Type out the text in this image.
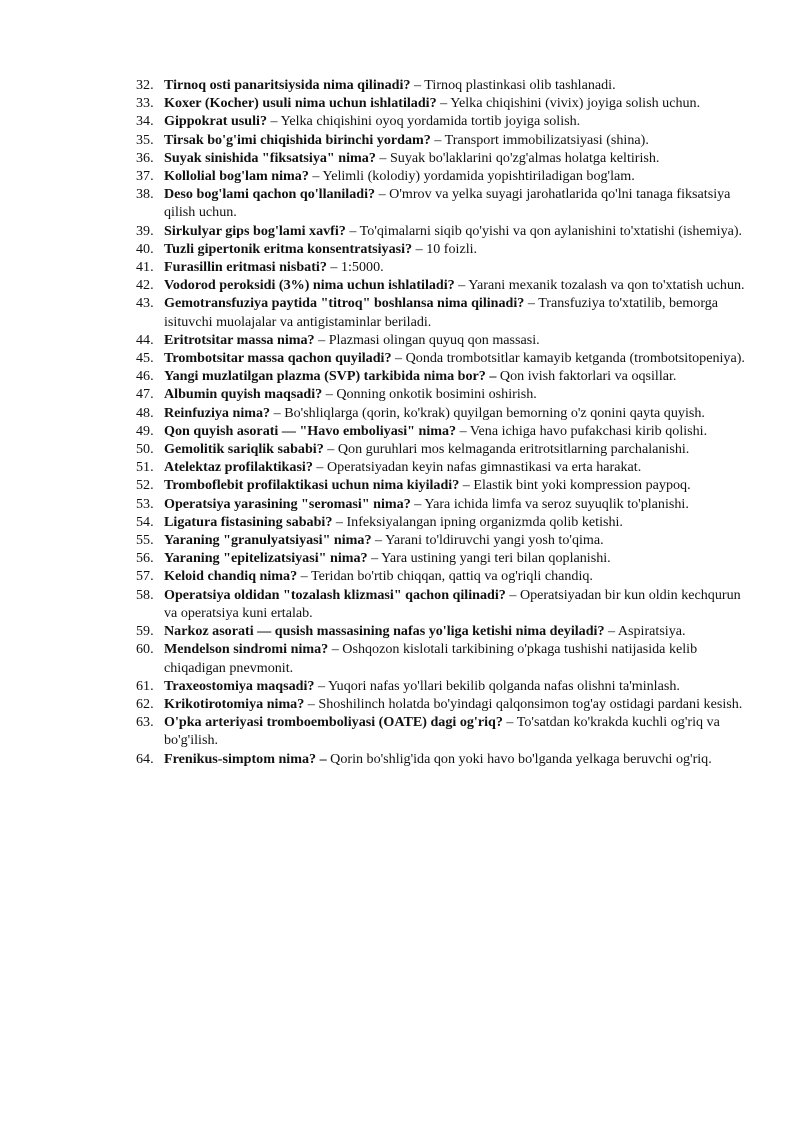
32. Tirnoq osti panaritsiysida nima qilinadi? – Tirnoq plastinkasi olib tashlanadi.
33. Koxer (Kocher) usuli nima uchun ishlatiladi? – Yelka chiqishini (vivix) joyiga solish uchun.
34. Gippokrat usuli? – Yelka chiqishini oyoq yordamida tortib joyiga solish.
35. Tirsak bo'g'imi chiqishida birinchi yordam? – Transport immobilizatsiyasi (shina).
36. Suyak sinishida "fiksatsiya" nima? – Suyak bo'laklarini qo'zg'almas holatga keltirish.
37. Kollolial bog'lam nima? – Yelimli (kolodiy) yordamida yopishtiriladigan bog'lam.
38. Deso bog'lami qachon qo'llaniladi? – O'mrov va yelka suyagi jarohatlarida qo'lni tanaga fiksatsiya qilish uchun.
39. Sirkulyar gips bog'lami xavfi? – To'qimalarni siqib qo'yishi va qon aylanishini to'xtatishi (ishemiya).
40. Tuzli gipertonik eritma konsentratsiyasi? – 10 foizli.
41. Furasillin eritmasi nisbati? – 1:5000.
42. Vodorod peroksidi (3%) nima uchun ishlatiladi? – Yarani mexanik tozalash va qon to'xtatish uchun.
43. Gemotransfuziya paytida "titroq" boshlansa nima qilinadi? – Transfuziya to'xtatilib, bemorga isituvchi muolajalar va antigistaminlar beriladi.
44. Eritrotsitar massa nima? – Plazmasi olingan quyuq qon massasi.
45. Trombotsitar massa qachon quyiladi? – Qonda trombotsitlar kamayib ketganda (trombotsitopeniya).
46. Yangi muzlatilgan plazma (SVP) tarkibida nima bor? – Qon ivish faktorlari va oqsillar.
47. Albumin quyish maqsadi? – Qonning onkotik bosimini oshirish.
48. Reinfuziya nima? – Bo'shliqlarga (qorin, ko'krak) quyilgan bemorning o'z qonini qayta quyish.
49. Qon quyish asorati — "Havo emboliyasi" nima? – Vena ichiga havo pufakchasi kirib qolishi.
50. Gemolitik sariqlik sababi? – Qon guruhlari mos kelmaganda eritrotsitlarning parchalanishi.
51. Atelektaz profilaktikasi? – Operatsiyadan keyin nafas gimnastikasi va erta harakat.
52. Tromboflebit profilaktikasi uchun nima kiyiladi? – Elastik bint yoki kompression paypoq.
53. Operatsiya yarasining "seromasi" nima? – Yara ichida limfa va seroz suyuqlik to'planishi.
54. Ligatura fistasining sababi? – Infeksiyalangan ipning organizmda qolib ketishi.
55. Yaraning "granulyatsiyasi" nima? – Yarani to'ldiruvchi yangi yosh to'qima.
56. Yaraning "epitelizatsiyasi" nima? – Yara ustining yangi teri bilan qoplanishi.
57. Keloid chandiq nima? – Teridan bo'rtib chiqqan, qattiq va og'riqli chandiq.
58. Operatsiya oldidan "tozalash klizmasi" qachon qilinadi? – Operatsiyadan bir kun oldin kechqurun va operatsiya kuni ertalab.
59. Narkoz asorati — qusish massasining nafas yo'liga ketishi nima deyiladi? – Aspiratsiya.
60. Mendelson sindromi nima? – Oshqozon kislotali tarkibining o'pkaga tushishi natijasida kelib chiqadigan pnevmonit.
61. Traxeostomiya maqsadi? – Yuqori nafas yo'llari bekilib qolganda nafas olishni ta'minlash.
62. Krikotirotomiya nima? – Shoshilinch holatda bo'yindagi qalqonsimon tog'ay ostidagi pardani kesish.
63. O'pka arteriyasi tromboemboliyasi (OATE) dagi og'riq? – To'satdan ko'krakda kuchli og'riq va bo'g'ilish.
64. Frenikus-simptom nima? – Qorin bo'shlig'ida qon yoki havo bo'lganda yelkaga beruvchi og'riq.
